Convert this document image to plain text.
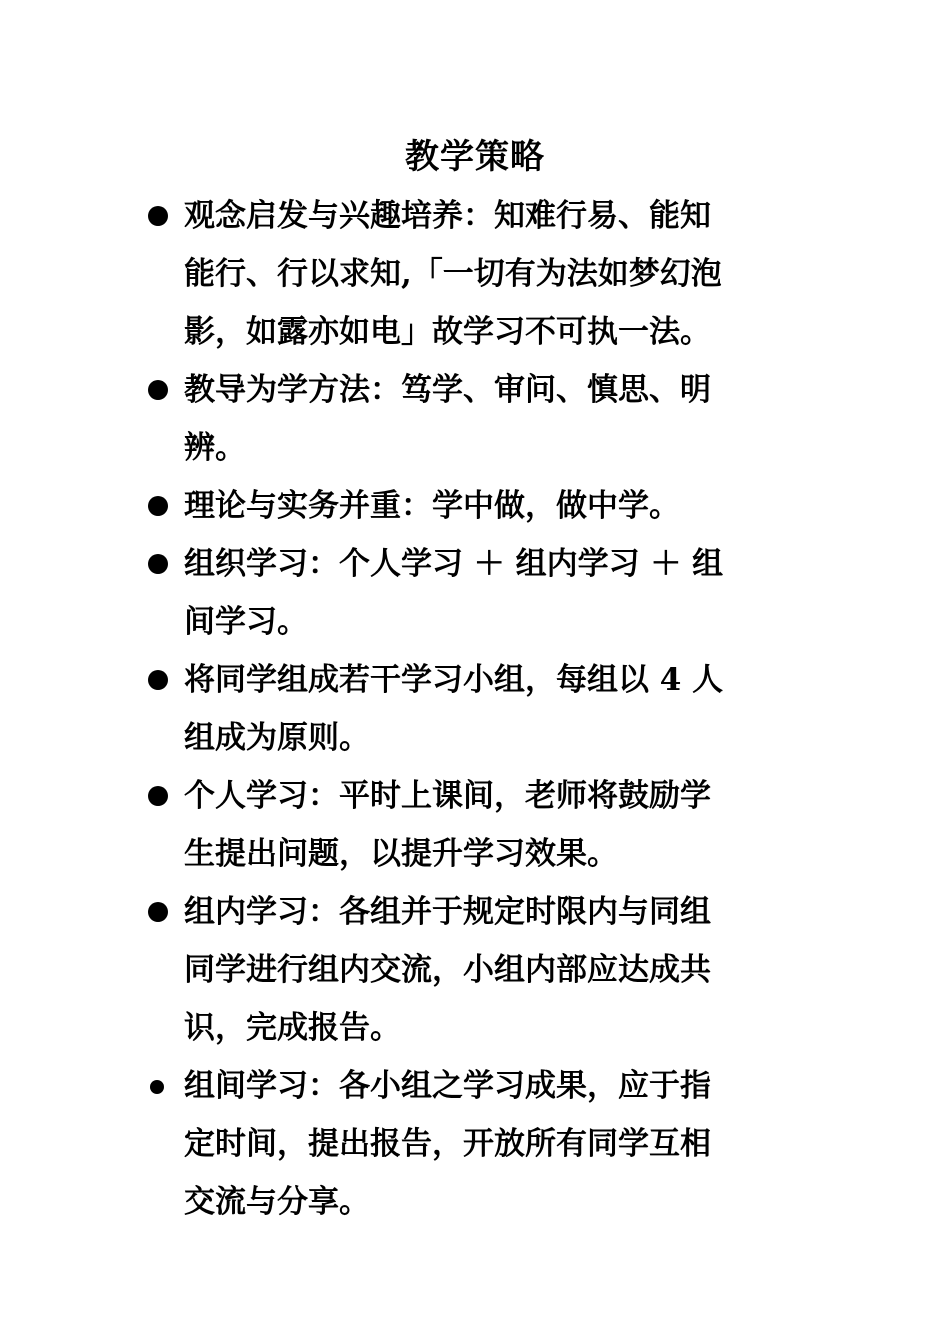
教学策略
观念启发与兴趣培养：知难行易、能知
能行、行以求知,「一切有为法如梦幻泡
影，如露亦如电」故学习不可执一法。
教导为学方法：笃学、审问、慎思、明
辨。
理论与实务并重：学中做，做中学。
组织学习：个人学习 ＋ 组内学习 ＋ 组
间学习。
将同学组成若干学习小组，每组以 4 人
组成为原则。
个人学习：平时上课间，老师将鼓励学
生提出问题，以提升学习效果。
组内学习：各组并于规定时限内与同组
同学进行组内交流，小组内部应达成共
识，完成报告。
组间学习：各小组之学习成果，应于指
定时间，提出报告，开放所有同学互相
交流与分享。
